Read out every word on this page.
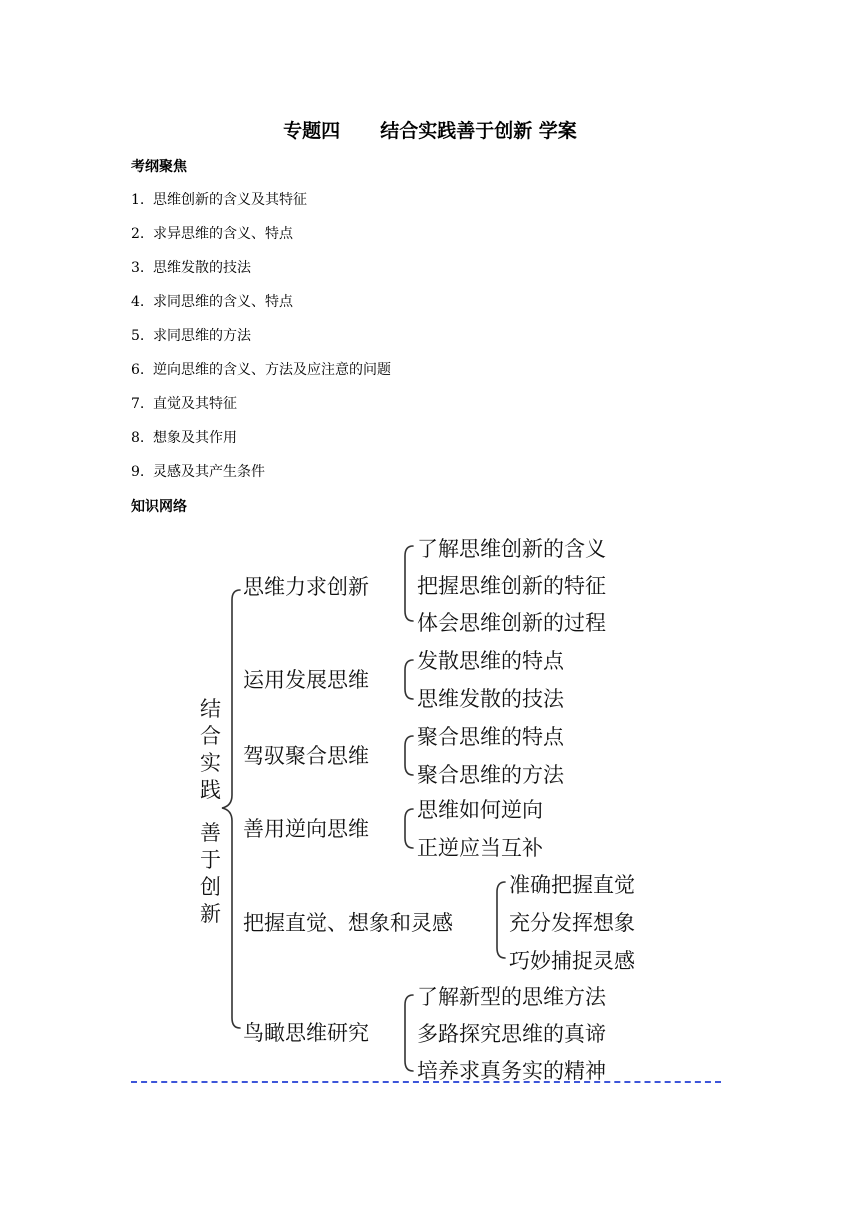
专题四 结合实践善于创新 学案
考纲聚焦
1. 思维创新的含义及其特征
2. 求异思维的含义、特点
3. 思维发散的技法
4. 求同思维的含义、特点
5. 求同思维的方法
6. 逆向思维的含义、方法及应注意的问题
7. 直觉及其特征
8. 想象及其作用
9. 灵感及其产生条件
知识网络
结
合
实
践
善
于
创
新
思维力求创新
运用发展思维
驾驭聚合思维
善用逆向思维
把握直觉、想象和灵感
鸟瞰思维研究
了解思维创新的含义
把握思维创新的特征
体会思维创新的过程
发散思维的特点
思维发散的技法
聚合思维的特点
聚合思维的方法
思维如何逆向
正逆应当互补
准确把握直觉
充分发挥想象
巧妙捕捉灵感
了解新型的思维方法
多路探究思维的真谛
培养求真务实的精神
